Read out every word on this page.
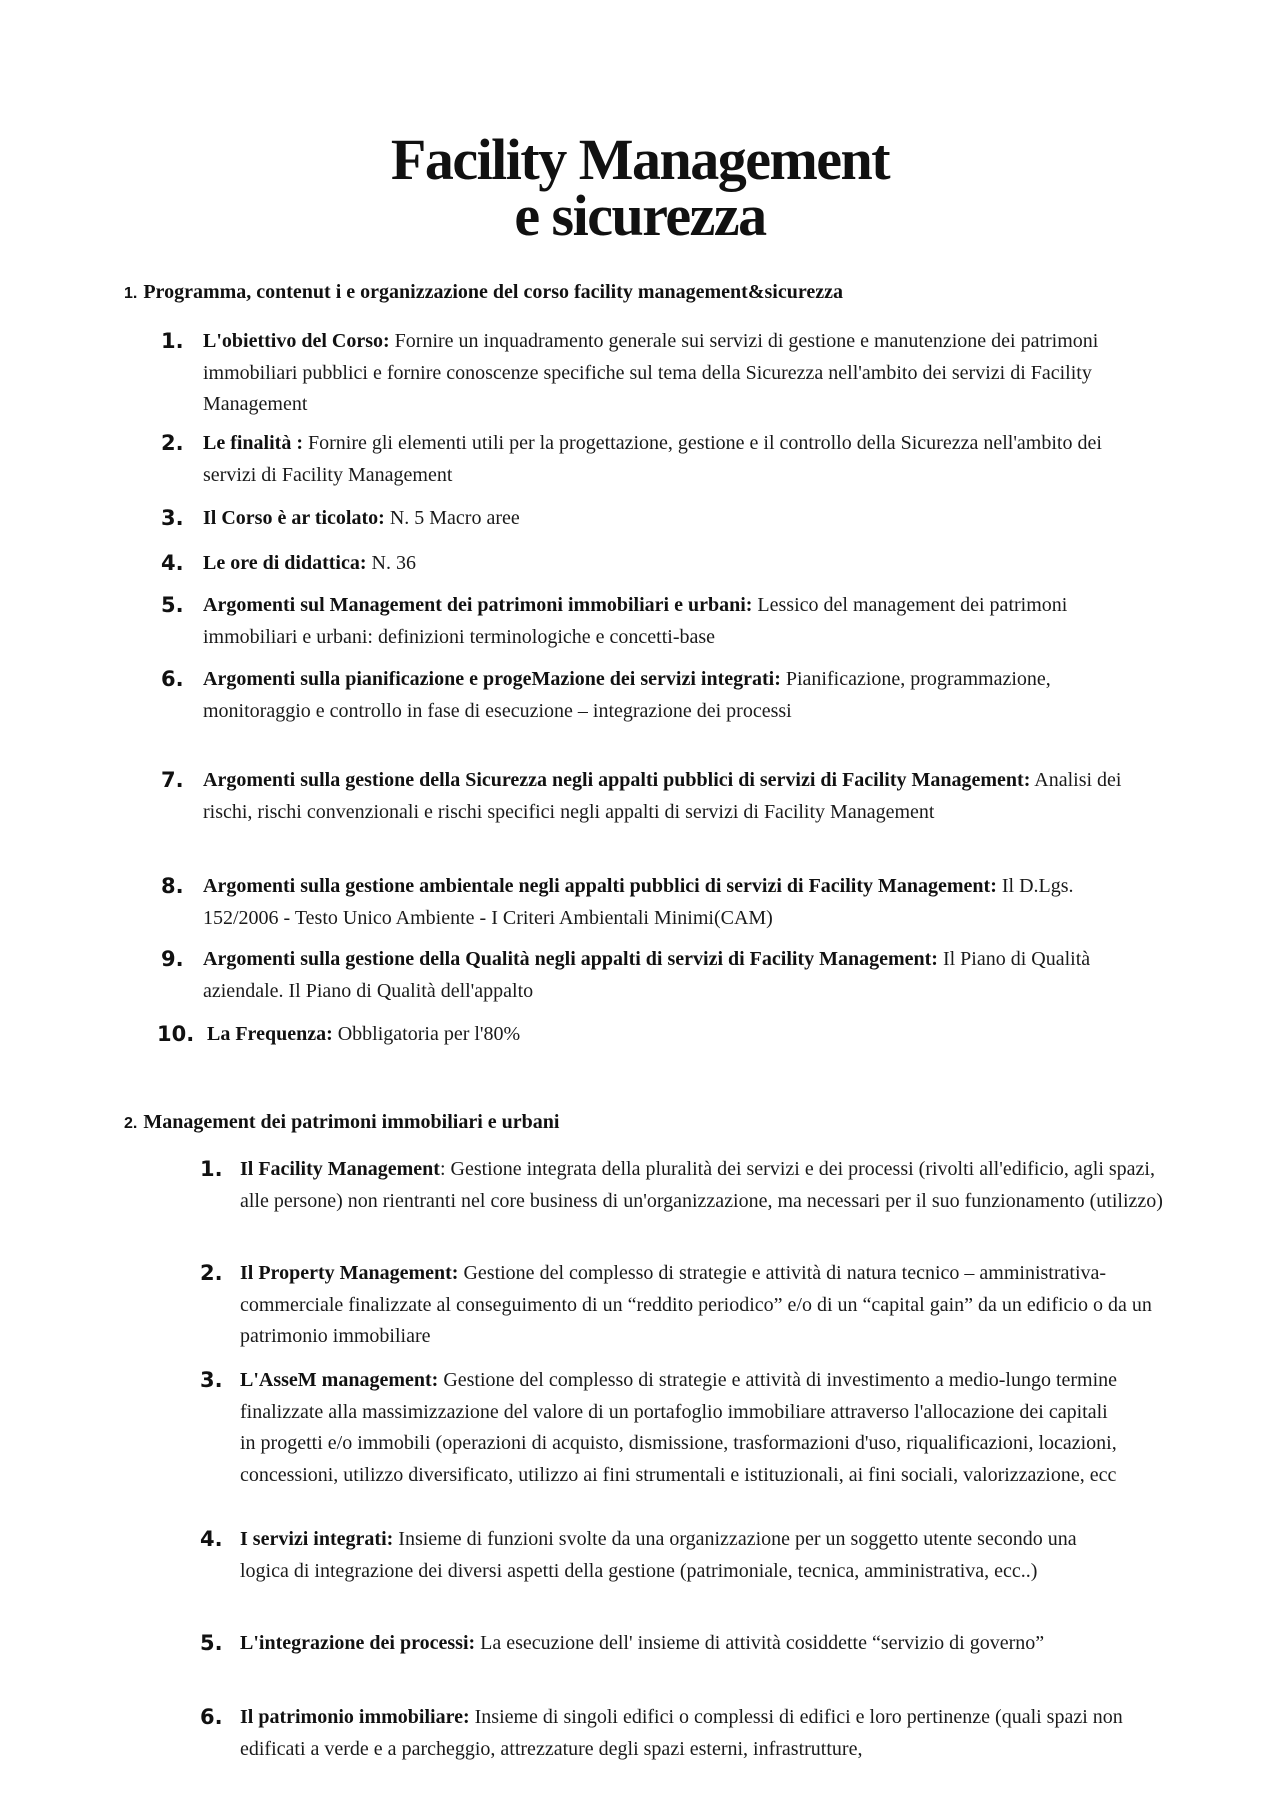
Facility Management
e sicurezza
1. Programma, contenut i e organizzazione del corso facility management&sicurezza
1. L'obiettivo del Corso: Fornire un inquadramento generale sui servizi di gestione e manutenzione dei patrimoni immobiliari pubblici e fornire conoscenze specifiche sul tema della Sicurezza nell'ambito dei servizi di Facility Management
2. Le finalità : Fornire gli elementi utili per la progettazione, gestione e il controllo della Sicurezza nell'ambito dei servizi di Facility Management
3. Il Corso è ar ticolato: N. 5 Macro aree
4. Le ore di didattica: N. 36
5. Argomenti sul Management dei patrimoni immobiliari e urbani: Lessico del management dei patrimoni immobiliari e urbani: definizioni terminologiche e concetti-base
6. Argomenti sulla pianificazione e progeMazione dei servizi integrati: Pianificazione, programmazione, monitoraggio e controllo in fase di esecuzione – integrazione dei processi
7. Argomenti sulla gestione della Sicurezza negli appalti pubblici di servizi di Facility Management: Analisi dei rischi, rischi convenzionali e rischi specifici negli appalti di servizi di Facility Management
8. Argomenti sulla gestione ambientale negli appalti pubblici di servizi di Facility Management: Il D.Lgs. 152/2006 - Testo Unico Ambiente - I Criteri Ambientali Minimi(CAM)
9. Argomenti sulla gestione della Qualità negli appalti di servizi di Facility Management: Il Piano di Qualità aziendale. Il Piano di Qualità dell'appalto
10. La Frequenza: Obbligatoria per l'80%
2. Management dei patrimoni immobiliari e urbani
1. Il Facility Management: Gestione integrata della pluralità dei servizi e dei processi (rivolti all'edificio, agli spazi, alle persone) non rientranti nel core business di un'organizzazione, ma necessari per il suo funzionamento (utilizzo)
2. Il Property Management: Gestione del complesso di strategie e attività di natura tecnico – amministrativa- commerciale finalizzate al conseguimento di un “reddito periodico” e/o di un “capital gain” da un edificio o da un patrimonio immobiliare
3. L'AsseM management: Gestione del complesso di strategie e attività di investimento a medio-lungo termine finalizzate alla massimizzazione del valore di un portafoglio immobiliare attraverso l'allocazione dei capitali in progetti e/o immobili (operazioni di acquisto, dismissione, trasformazioni d'uso, riqualificazioni, locazioni, concessioni, utilizzo diversificato, utilizzo ai fini strumentali e istituzionali, ai fini sociali, valorizzazione, ecc
4. I servizi integrati: Insieme di funzioni svolte da una organizzazione per un soggetto utente secondo una logica di integrazione dei diversi aspetti della gestione (patrimoniale, tecnica, amministrativa, ecc..)
5. L'integrazione dei processi: La esecuzione dell' insieme di attività cosiddette “servizio di governo”
6. Il patrimonio immobiliare: Insieme di singoli edifici o complessi di edifici e loro pertinenze (quali spazi non edificati a verde e a parcheggio, attrezzature degli spazi esterni, infrastrutture,
